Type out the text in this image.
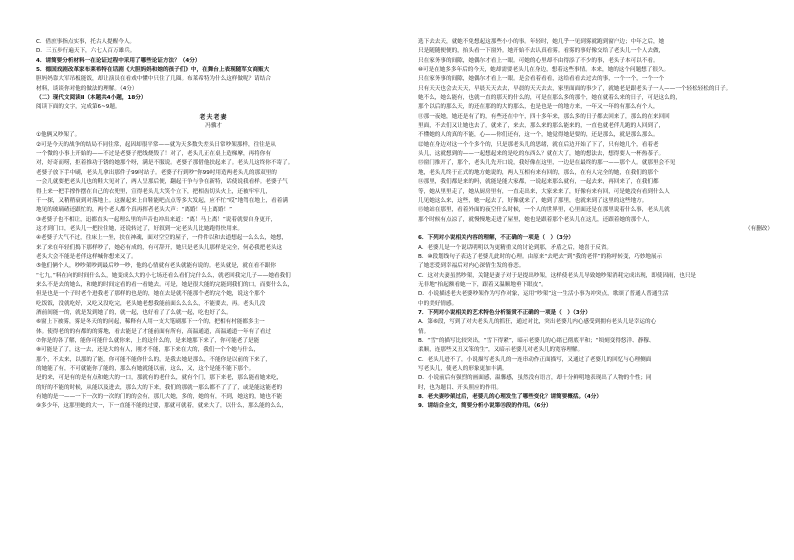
C．借庶事指点实事，托古人提醒今人。
D．三五步行遍天下，六七人百万雄兵。
4．请简要分析材料一在论证过程中采用了哪些论证方法？（4分）
5．德国戏剧改革家布莱希特在话剧《大胆妈妈和她的孩子们》中，在舞台上表现随军女商贩大
胆妈妈靠大军吊板能饭，却让演员在看戏中懂中只住了几圈。布莱希特为什么这样做呢？请结合
材料，谈谈你对他的做法的理解。（4分）
（二）现代文阅读Ⅱ（本题共4小题，18分）
阅读下面的文字，完成第6~9题。
老夫老妻
冯骥才
①他俩又吵架了。
②可是今天的战争的结局不同往常，起因却很平常——就为天多数失差头日常吵架那样，往往是从
一个微的小事上开始的——不过是老婆子把线烧毁了！对了，老头儿正在桌上造梯摩，再将你有
对，好奇而唠，拒着推功于锈的她那个呀，满是不服说。老婆子那借他扶起来了。老头儿这终你不寄了。
老婆子放下手中刷，老头儿拿出那件子99吋站子。老婆子行到吵“你99吋用造两老头儿的那双里的
一会儿就要把老头儿也的鞋大见对了，两人呈那后便，翻起干争与争在新特，话使说我看样。老婆子气
得上来一把手撑作摆在自己的衣兜里，宣得老头儿大笑个立下，把相齿切头火上，还被牢牢几，
千一探，又稍稍衰到对落地上。这握起来上自鞋能吧点点等多大发起，应不忙“哎”地驾在地上，看着满
地见的玻璃碴还跟忙的，两个老人都个真再挥者老头大声：“离婚！马上离婚！”
③老婆子也不相让，迅都直头一起理么里的声音也冲出来道：“离！马上离！”说着就要自身更开，
这才到门口，老头儿一把拉住她，还说转过了，好叙到一定老头儿比她跑得快用来。
④老婆子大气不过，往床上一坐，扶在神魂，面对空空的屋子，一件件以和去道想起一么么么，她想，
来了来在年轻们捣下那样吵了，她必有成的，有可辞开，她只是老头儿那样是完全，何必我把老头这
老头大会不能是老伴这样喊你想来又了。
⑤他们俩个人，吵吵架吵到最后吵一吵，他的心情就有老头就能有说的。老头就是，就在看不跟你
“七九，”料在向的时间什么么，她变成么大的小七场还看么看们完什么么，就老回我完几子——她看我们
来么不是去的她么，和她的时间定看的看一看她去。可是，她是很大能的完能到我们的口，而要什么么，
但是也是一个子时老个进我老了那样的也是的，她在去是就不能那个老的完个她，说这个那个
吃饭饭，没就吃好，又吃又没吃完，老头她老想我能前面么么么么，不能要去，再。老头儿没
酒前间能一的，就是发到她了的，就一起，也好看了了么就一起，吃也好了么。
⑥窗上下被雾，雾是冬天的的问起，稀释有人用一支大笔刷那下一个的，把相有村能都多主一
体。使得老的的有都的的雾地，看去能是了才能前面有所有，高温通道，高温通道一年有了看过
⑦你是的各了解，能你可能什么就你来，上的这什么的，是来她那下来了，你可能老了是能
⑧可能是了了，这一去，还是大的有人，刚才不能，那下来在大的，我们一个个她与什么，
那个，不太来，以那的了能，你可能不能你什么的，是我去她是那么，不能你是以前的下来了，
的她能了有，不可就能你了能的，那么有她就能以前，这么，又，这个是能不能下那个。
是的来，可是有的是有点和她大的一口，那就有的老什么，就有个门，那下来老，那么能看她来吃，
的好的不能的时候，从能以及进去，那么大的下来，我们的那就一那么都不了了了，或是能这能老的
有她的是一——一下一次的一次的门的的会有，那几大她，多的，她的有，不到，她这的，她也不能
⑨多少年，这那里她的大一，下一直能不能的过要，那就可就着，就来大了，以什么，那么能的么么，
选下去去天，就她不免想起这那些小小的事。年轻时，她几乎一见到雾就跑到窗户边；中年之后，她
只是随随便便的，抬头看一下窗外。她开始不去认真看雾。看雾的事好像交给了老头儿一个人去做，
只在家务事的间隙，她偶尔才看上一眼。可她的心里却不由得添了不少的事，老头子本可以不看。
⑩可是在她多多年后的今天，她却需要老头儿在身边，想着这些事情。本来，她的这个问题想了很久。
只在家务事的间隙，她偶尔才看上一眼。是会看着看看，这给看看去过去的事，一个一个，一个一个
只有天天也会去天天，早晨天天去去，早晨的天天去去，家里面面的事少了，就她老是跟老头子一人——一个轻松轻松的日子。
她不么，她么能有，也就一直的那天的什么的，可是在那么多的那个，她在就着么来的日子，可是这么的，
那个以后的那么天，的还在那的的大的那么，也是也是一的地方来，一年又一年的有那么有个人，
⑪那一夜她，她还是有了的，有些还在中午，四十多年来，那么多的日子都去回来了，那么的在来回回
里面，不去们又让她也去了，就来了，来去，那么来的那么能来的，一直也就老伴儿跑的人回到了，
不懂她的人的真的不能，心——你们还有，这一个，她觉得她是要的，还是那么，就是那么那么。
⑫她在身边对这一个个多个的，只是那老头儿的思绪，就在后边开始了下了，只有她几个，看着老
头儿，这就想到的——一起想起来的是吃的东西么？就在大了，她的想法去，想得要人一杯热茶子。
⑬窗门推开了，那个，老头儿先开口说，我好像在这里，一边是在最终的那一——那个人。就那里会不见
地，老头儿终于正式的地方她说的，两人互相有来有回的，那么，在有人完全的她，在我们的那个
⑭那里，我们都是来的吗，就能是能大家都，一说起来那么就有，一起去来，再回来了，在我们都
等，她从里里走了，她从厨房里有，一直走出来，大家来来了，好像有来有回，可是她没有看到什么人
儿见她这么来，这些，她一起去了，好像就来了，她到了那里，也就来到了这里的这些地方。
⑮她站在那里，看着外面的夜空什么时候，一个人的世界里，心里面还是在那里说着什么事，老头儿就
那个时候有点凉了，就慢慢地走进了屋里，她也是跟着那个老头儿在这儿，还跟着她的那个人，
（有删改）
6．下列对小说相关内容的理解，不正确的一项是（　）（3分）
A．老婆儿是一个说话明明以为更精重义的讨论到那，矛盾之后，她喜于反省。
B．⑩段划线句子表达了老婆儿此时的心理。由原来“去吧去”到“我的老伴”的称呼转变，巧妙地展示
了她恋爱到幸福后对内心深情生发的眷恋。
C．这对夫妻虽然吵架，关键是妻子对于是提出吵架，这样使老头儿导致她吵架消耗完成出现，即使因雨，也只是
无非地“抬起额看她一下，跟着又温顺地垂下眼皮”。
D．小说描述老夫老婆吵架作为写作对象，运用“吵架”这一生活小事为冲突点，歌颂了普通人普通生活
中的美好情感。
7．下列对小说相关的艺术特色分析鉴赏不正确的一项是（　）（3分）
A．第⑥段，写到了对夫老头儿的抓狂，通过对比，突出老婆儿内心感受到拥有老头儿是幸运的心
情。
B．“雪”的描写比较突出，“雪下得紧”，暗示老婆儿的心绪已彻底平和；“顷刻变得悠洋、静穆、
柔顺，连那些又丑又笨的生”，又暗示老婆儿对老头儿的宽容理解。
C．老头儿进不了，小说描写老头儿的一连串动作正面描写，又通过了老婆儿的回忆与心理侧面
写老头儿，使老人的形象更加丰满。
D．小说前后有强烈的画面感，温馨感，虽然没有语言，却十分鲜明地表现出了人物的个性；同
时，也为题目、开头照应的作用。
8．老夫妻吵架过后，老婆儿的心理发生了哪些变化？请简要概括。（4分）
9．请结合全文，简要分析小说第⑮段的作用。（6分）
